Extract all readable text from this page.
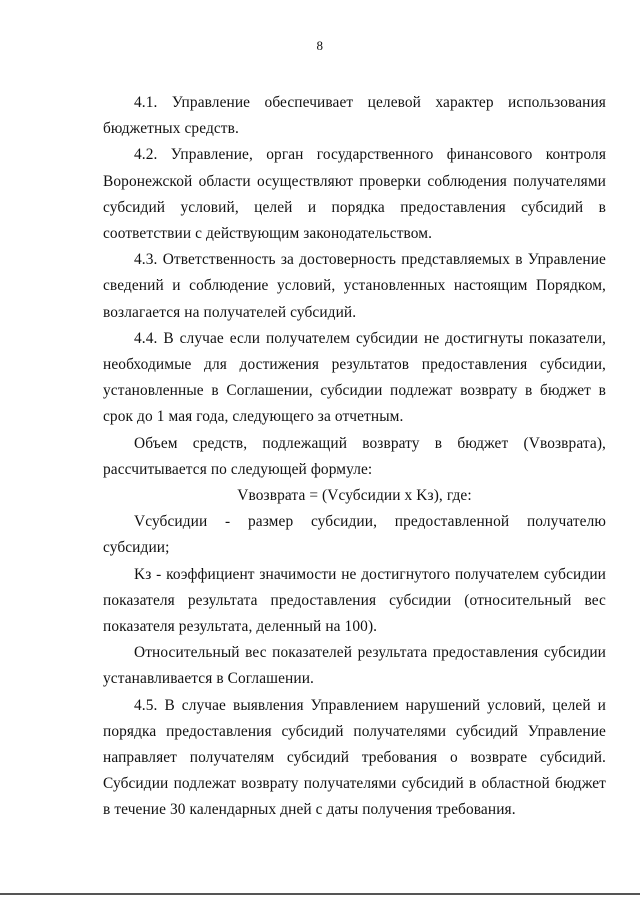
8

4.1. Управление обеспечивает целевой характер использования бюджетных средств.

4.2. Управление, орган государственного финансового контроля Воронежской области осуществляют проверки соблюдения получателями субсидий условий, целей и порядка предоставления субсидий в соответствии с действующим законодательством.

4.3. Ответственность за достоверность представляемых в Управление сведений и соблюдение условий, установленных настоящим Порядком, возлагается на получателей субсидий.

4.4. В случае если получателем субсидии не достигнуты показатели, необходимые для достижения результатов предоставления субсидии, установленные в Соглашении, субсидии подлежат возврату в бюджет в срок до 1 мая года, следующего за отчетным.

Объем средств, подлежащий возврату в бюджет (Vвозврата), рассчитывается по следующей формуле:

Vвозврата = (Vсубсидии x Kз), где:

Vсубсидии - размер субсидии, предоставленной получателю субсидии;

Kз - коэффициент значимости не достигнутого получателем субсидии показателя результата предоставления субсидии (относительный вес показателя результата, деленный на 100).

Относительный вес показателей результата предоставления субсидии устанавливается в Соглашении.

4.5. В случае выявления Управлением нарушений условий, целей и порядка предоставления субсидий получателями субсидий Управление направляет получателям субсидий требования о возврате субсидий. Субсидии подлежат возврату получателями субсидий в областной бюджет в течение 30 календарных дней с даты получения требования.
